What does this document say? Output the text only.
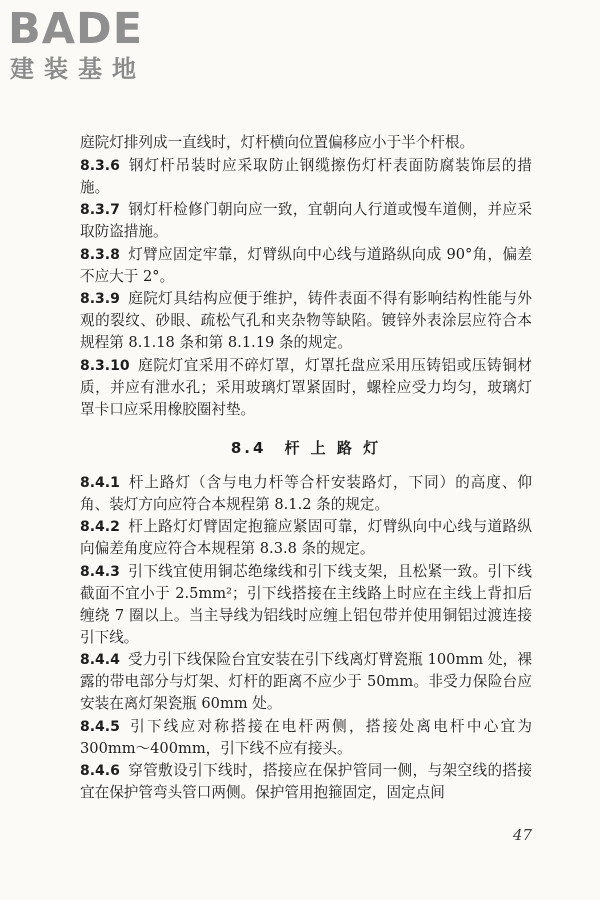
BADE
建装基地

庭院灯排列成一直线时，灯杆横向位置偏移应小于半个杆根。

8.3.6 钢灯杆吊装时应采取防止钢缆擦伤灯杆表面防腐装饰层的措施。

8.3.7 钢灯杆检修门朝向应一致，宜朝向人行道或慢车道侧，并应采取防盗措施。

8.3.8 灯臂应固定牢靠，灯臂纵向中心线与道路纵向成 90°角，偏差不应大于 2°。

8.3.9 庭院灯具结构应便于维护，铸件表面不得有影响结构性能与外观的裂纹、砂眼、疏松气孔和夹杂物等缺陷。镀锌外表涂层应符合本规程第 8.1.18 条和第 8.1.19 条的规定。

8.3.10 庭院灯宜采用不碎灯罩，灯罩托盘应采用压铸铝或压铸铜材质，并应有泄水孔；采用玻璃灯罩紧固时，螺栓应受力均匀，玻璃灯罩卡口应采用橡胶圈衬垫。

8.4　杆 上 路 灯

8.4.1 杆上路灯（含与电力杆等合杆安装路灯，下同）的高度、仰角、装灯方向应符合本规程第 8.1.2 条的规定。

8.4.2 杆上路灯灯臂固定抱箍应紧固可靠，灯臂纵向中心线与道路纵向偏差角度应符合本规程第 8.3.8 条的规定。

8.4.3 引下线宜使用铜芯绝缘线和引下线支架，且松紧一致。引下线截面不宜小于 2.5mm²；引下线搭接在主线路上时应在主线上背扣后缠绕 7 圈以上。当主导线为铝线时应缠上铝包带并使用铜铝过渡连接引下线。

8.4.4 受力引下线保险台宜安装在引下线离灯臂瓷瓶 100mm 处，裸露的带电部分与灯架、灯杆的距离不应少于 50mm。非受力保险台应安装在离灯架瓷瓶 60mm 处。

8.4.5 引下线应对称搭接在电杆两侧，搭接处离电杆中心宜为 300mm～400mm，引下线不应有接头。

8.4.6 穿管敷设引下线时，搭接应在保护管同一侧，与架空线的搭接宜在保护管弯头管口两侧。保护管用抱箍固定，固定点间

47
